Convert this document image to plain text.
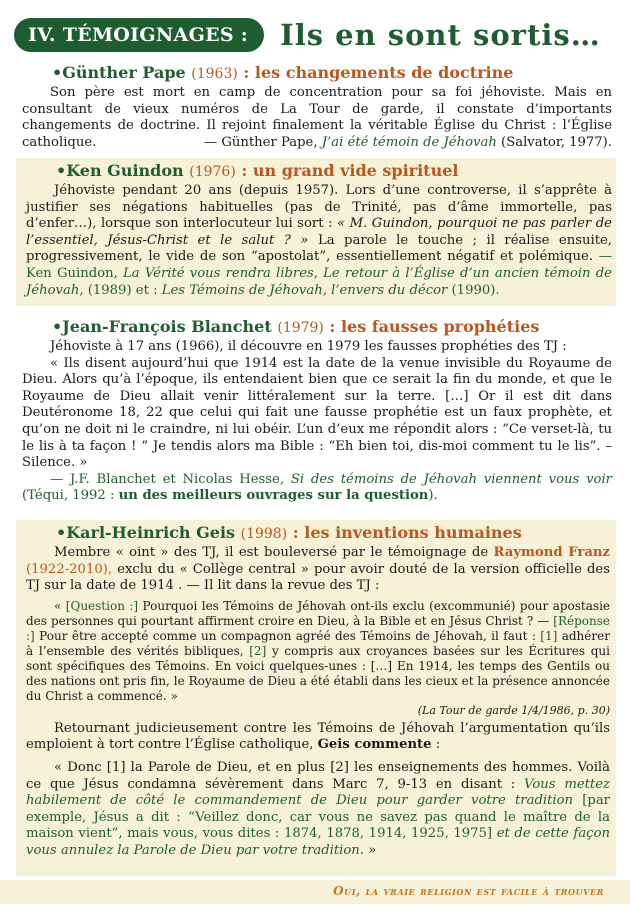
IV. TÉMOIGNAGES :	Ils en sont sortis…
•Günther Pape (1963) : les changements de doctrine

Son père est mort en camp de concentration pour sa foi jéhoviste. Mais en consultant de vieux numéros de La Tour de garde, il constate d’importants changements de doctrine. Il rejoint finalement la véritable Église du Christ : l’Église catholique.	— Günther Pape, J’ai été témoin de Jéhovah (Salvator, 1977).

•Ken Guindon (1976) : un grand vide spirituel

Jéhoviste pendant 20 ans (depuis 1957). Lors d’une controverse, il s’apprête à justifier ses négations habituelles (pas de Trinité, pas d’âme immortelle, pas d’enfer…), lorsque son interlocuteur lui sort : « M. Guindon, pourquoi ne pas parler de l’essentiel, Jésus-Christ et le salut ? » La parole le touche ; il réalise ensuite, progressivement, le vide de son “apostolat”, essentiellement négatif et polémique. — Ken Guindon, La Vérité vous rendra libres, Le retour à l’Église d’un ancien témoin de Jéhovah, (1989) et : Les Témoins de Jéhovah, l’envers du décor (1990).

•Jean-François Blanchet (1979) : les fausses prophéties

Jéhoviste à 17 ans (1966), il découvre en 1979 les fausses prophéties des TJ :

« Ils disent aujourd’hui que 1914 est la date de la venue invisible du Royaume de Dieu. Alors qu’à l’époque, ils entendaient bien que ce serait la fin du monde, et que le Royaume de Dieu allait venir littéralement sur la terre. […] Or il est dit dans Deutéronome 18, 22 que celui qui fait une fausse prophétie est un faux prophète, et qu’on ne doit ni le craindre, ni lui obéir. L’un d’eux me répondit alors : “Ce verset-là, tu le lis à ta façon ! ” Je tendis alors ma Bible : “Eh bien toi, dis-moi comment tu le lis”. – Silence. »

— J.F. Blanchet et Nicolas Hesse, Si des témoins de Jéhovah viennent vous voir (Téqui, 1992 : un des meilleurs ouvrages sur la question).

•Karl-Heinrich Geis (1998) : les inventions humaines

Membre « oint » des TJ, il est bouleversé par le témoignage de Raymond Franz (1922-2010), exclu du « Collège central » pour avoir douté de la version officielle des TJ sur la date de 1914 . — Il lit dans la revue des TJ :

« [Question :] Pourquoi les Témoins de Jéhovah ont-ils exclu (excommunié) pour apostasie des personnes qui pourtant affirment croire en Dieu, à la Bible et en Jésus Christ ? — [Réponse :] Pour être accepté comme un compagnon agréé des Témoins de Jéhovah, il faut : [1] adhérer à l’ensemble des vérités bibliques, [2] y compris aux croyances basées sur les Écritures qui sont spécifiques des Témoins. En voici quelques-unes : […] En 1914, les temps des Gentils ou des nations ont pris fin, le Royaume de Dieu a été établi dans les cieux et la présence annoncée du Christ a commencé. »

(La Tour de garde 1/4/1986, p. 30)

Retournant judicieusement contre les Témoins de Jéhovah l’argumentation qu’ils emploient à tort contre l’Église catholique, Geis commente :

« Donc [1] la Parole de Dieu, et en plus [2] les enseignements des hommes. Voilà ce que Jésus condamna sévèrement dans Marc 7, 9-13 en disant : Vous mettez habilement de côté le commandement de Dieu pour garder votre tradition [par exemple, Jésus a dit : “Veillez donc, car vous ne savez pas quand le maître de la maison vient”, mais vous, vous dites : 1874, 1878, 1914, 1925, 1975] et de cette façon vous annulez la Parole de Dieu par votre tradition. »

Oui, la vraie religion est facile à trouver
